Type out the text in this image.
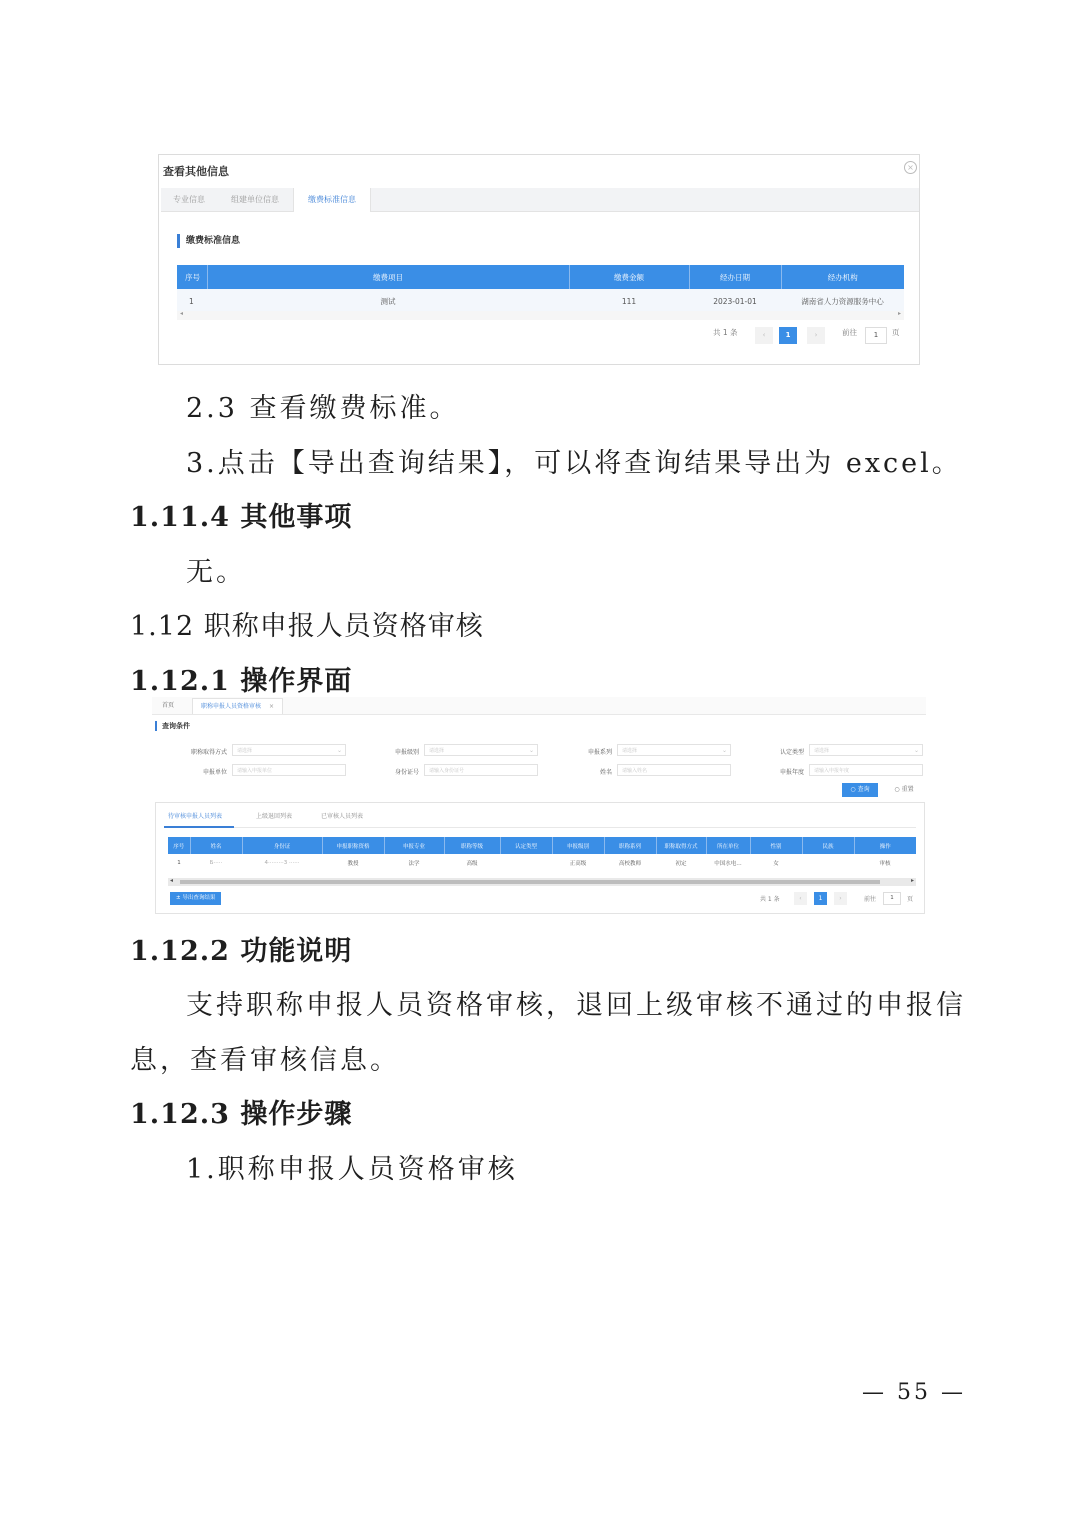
查看其他信息	×
专业信息	组建单位信息	缴费标准信息
缴费标准信息
序号	缴费项目	缴费金额	经办日期	经办机构
1	测试	111	2023-01-01	湖南省人力资源服务中心
◂	▸
共 1 条	‹	1	›	前往	1	页
2.3 查看缴费标准。
3.点击【导出查询结果】，可以将查询结果导出为 excel。
1.11.4 其他事项
无。
1.12 职称申报人员资格审核
1.12.1 操作界面
首页	职称申报人员资格审核 ×
查询条件
职称取得方式	请选择	⌄	申报级别	请选择	⌄	申报系列	请选择	⌄	认定类型	请选择	⌄
申报单位	请输入申报单位	身份证号	请输入身份证号	姓名	请输入姓名	申报年度	请输入申报年度
○ 查询	○ 重置
待审核申报人员列表	上级退回列表	已审核人员列表
序号	姓名	身份证	申报职称资格	申报专业	职称等级	认定类型	申报级别	职称系列	职称取得方式	所在单位	性别	民族	操作
1	Б·····	4·········3 ······	教授	法学	高级		正高级	高校教师	初定	中国水电…	女		审核
◂	▸
± 导出查询结果	共 1 条	‹	1	›	前往	1	页
1.12.2 功能说明
支持职称申报人员资格审核，退回上级审核不通过的申报信
息，查看审核信息。
1.12.3 操作步骤
1.职称申报人员资格审核
— 55 —
